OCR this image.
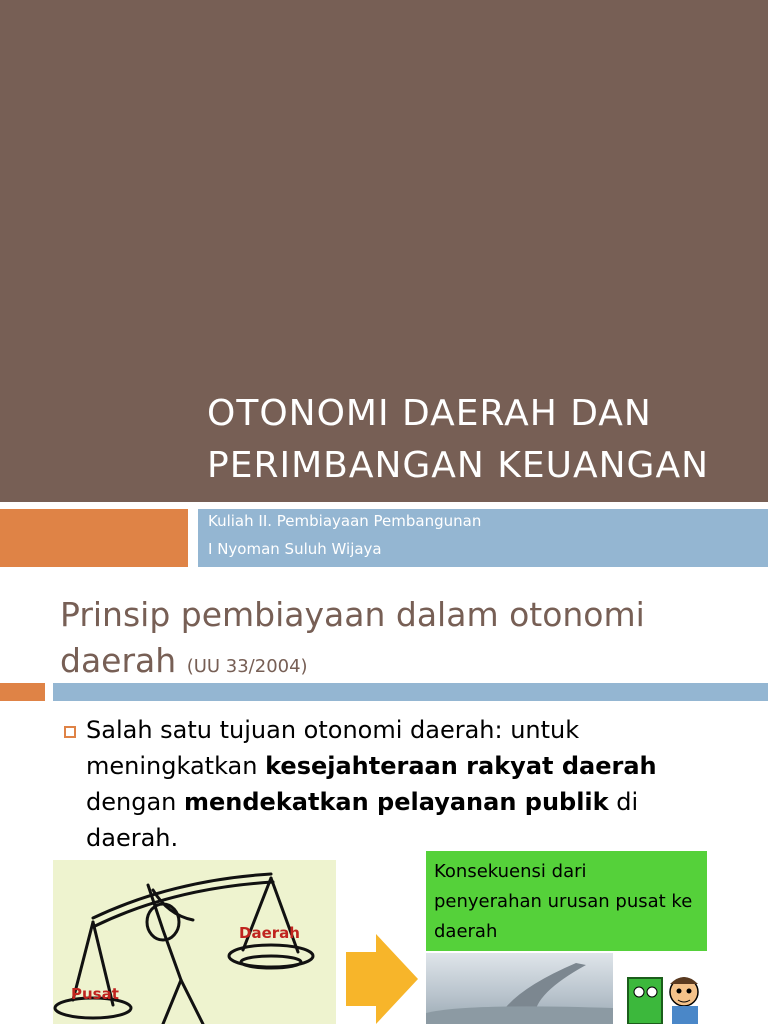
OTONOMI DAERAH DAN
PERIMBANGAN KEUANGAN
Kuliah II. Pembiayaan Pembangunan
I Nyoman Suluh Wijaya
Prinsip pembiayaan dalam otonomi
daerah (UU 33/2004)
Salah satu tujuan otonomi daerah: untuk meningkatkan kesejahteraan rakyat daerah dengan mendekatkan pelayanan publik di daerah.
Daerah
Pusat
Konsekuensi dari penyerahan urusan pusat ke daerah
